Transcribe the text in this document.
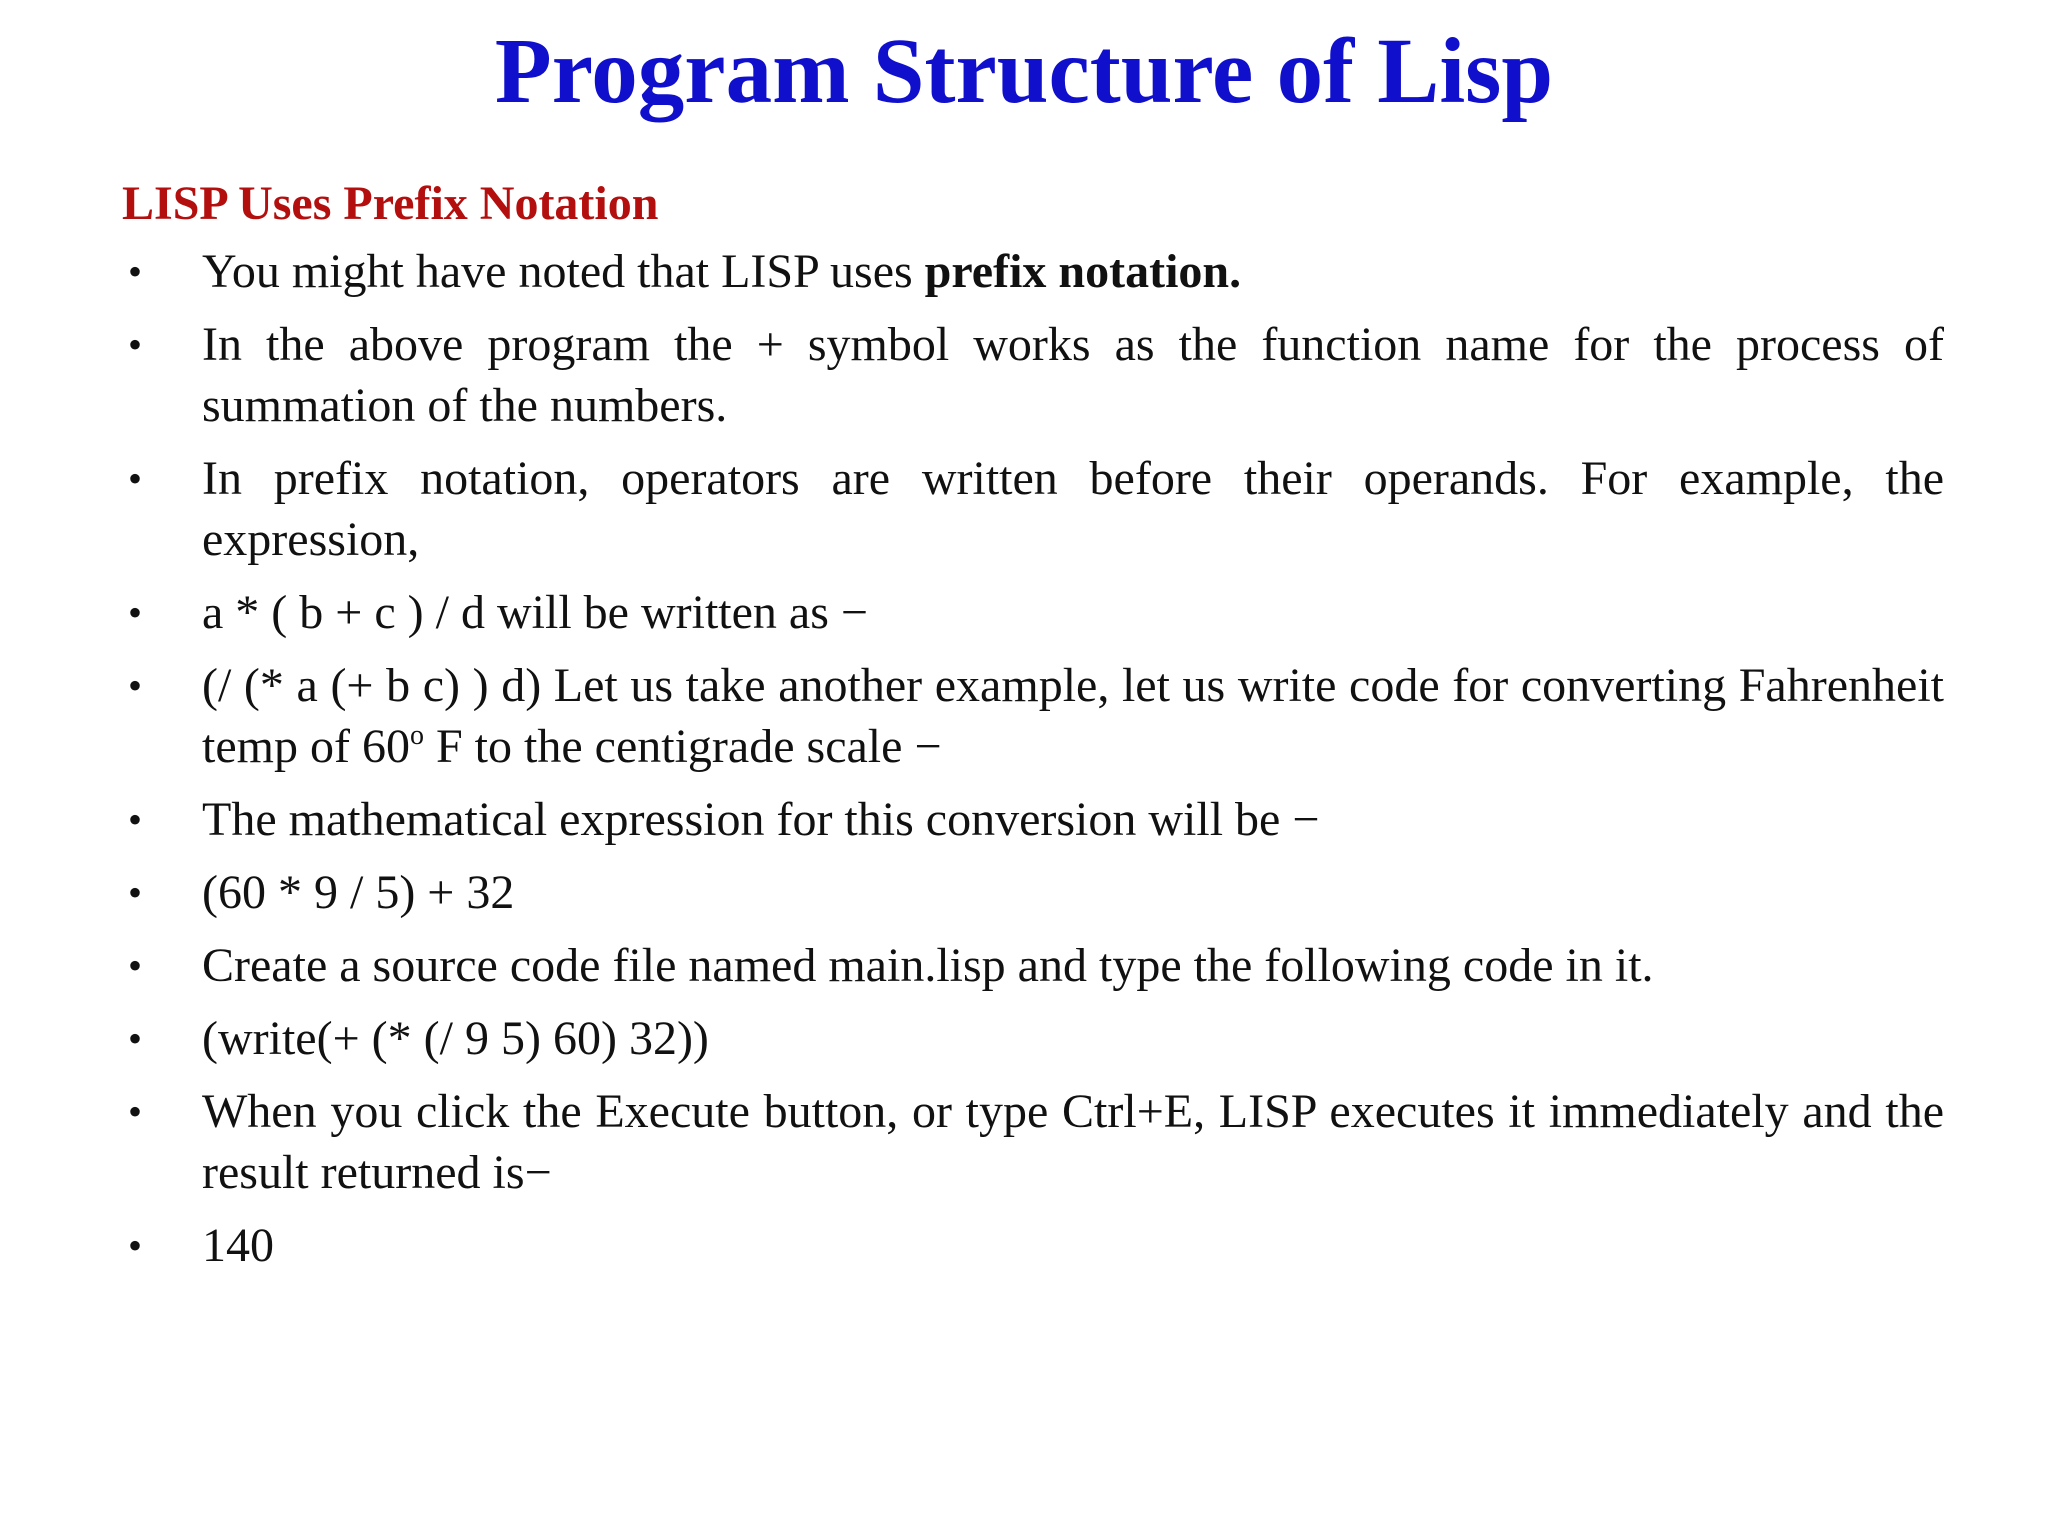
Program Structure of Lisp
LISP Uses Prefix Notation
• You might have noted that LISP uses prefix notation.
• In the above program the + symbol works as the function name for the process of summation of the numbers.
• In prefix notation, operators are written before their operands. For example, the expression,
• a * ( b + c ) / d will be written as −
• (/ (* a (+ b c) ) d) Let us take another example, let us write code for converting Fahrenheit temp of 60$^o$ F to the centigrade scale −
• The mathematical expression for this conversion will be −
• (60 * 9 / 5) + 32
• Create a source code file named main.lisp and type the following code in it.
• (write(+ (* (/ 9 5) 60) 32))
• When you click the Execute button, or type Ctrl+E, LISP executes it immediately and the result returned is−
• 140
